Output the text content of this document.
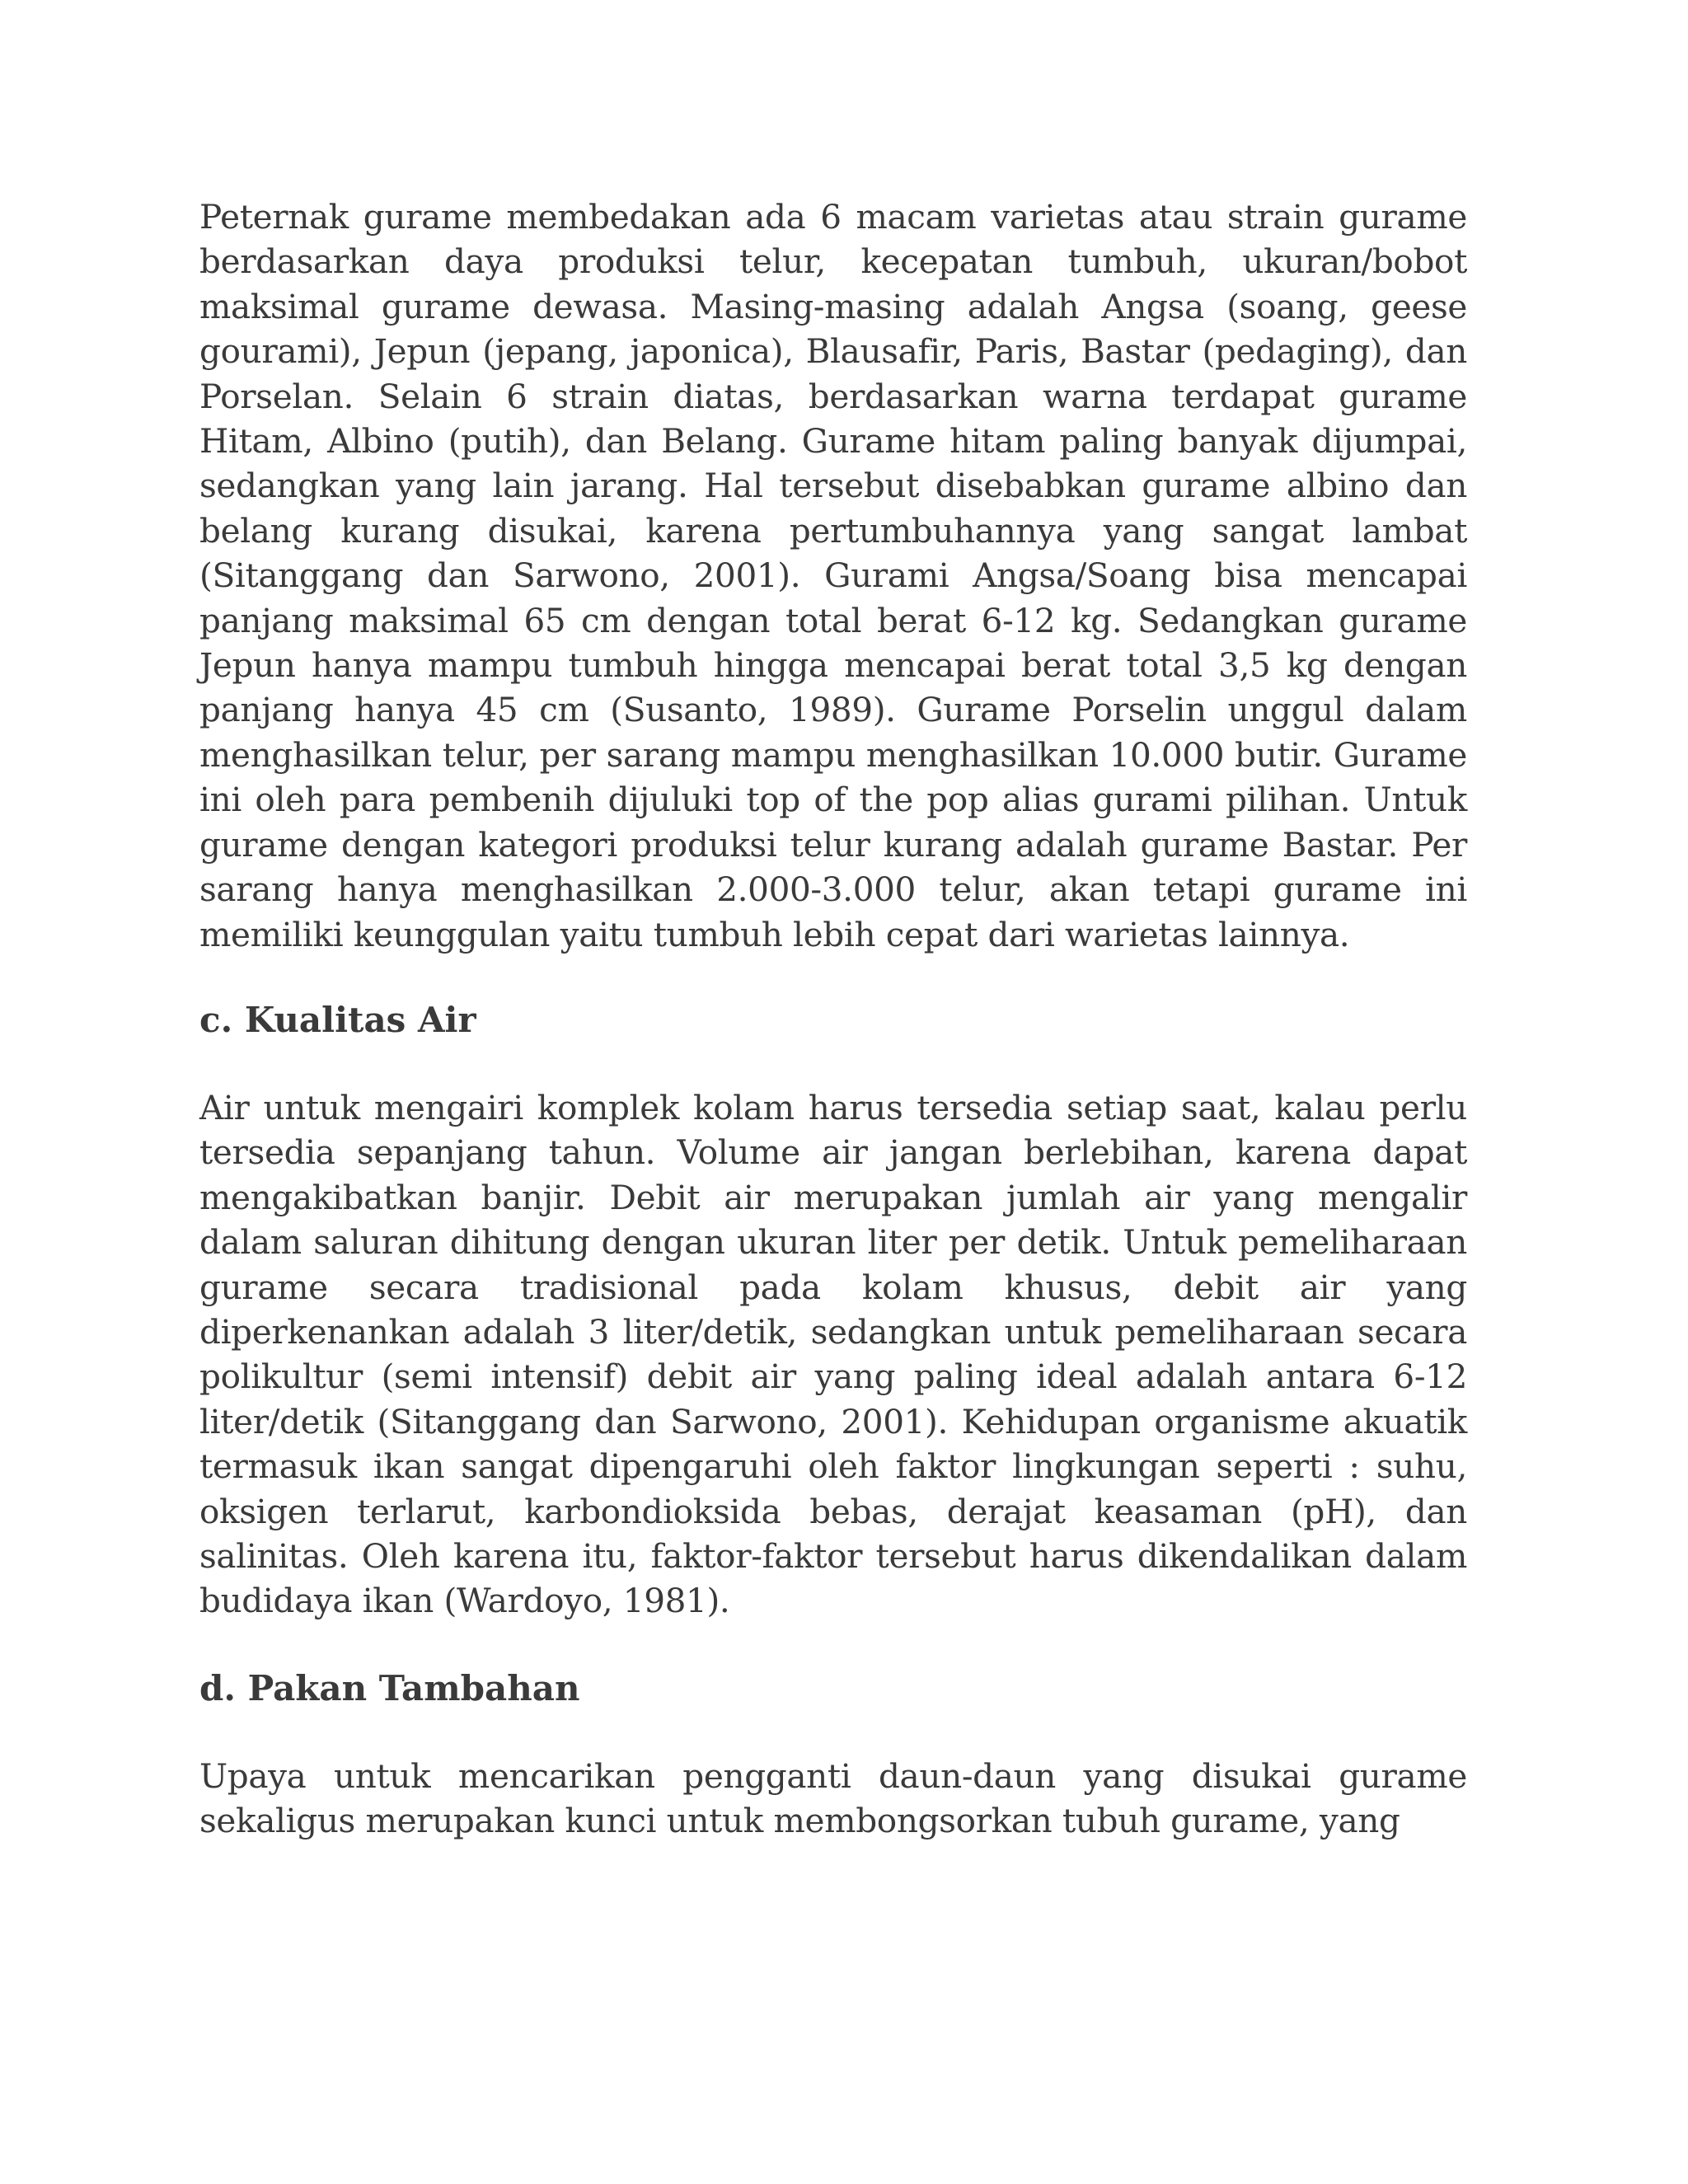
Peternak gurame membedakan ada 6 macam varietas atau strain gurame berdasarkan daya produksi telur, kecepatan tumbuh, ukuran/bobot maksimal gurame dewasa. Masing-masing adalah Angsa (soang, geese gourami), Jepun (jepang, japonica), Blausafir, Paris, Bastar (pedaging), dan Porselan. Selain 6 strain diatas, berdasarkan warna terdapat gurame Hitam, Albino (putih), dan Belang. Gurame hitam paling banyak dijumpai, sedangkan yang lain jarang. Hal tersebut disebabkan gurame albino dan belang kurang disukai, karena pertumbuhannya yang sangat lambat (Sitanggang dan Sarwono, 2001). Gurami Angsa/Soang bisa mencapai panjang maksimal 65 cm dengan total berat 6-12 kg. Sedangkan gurame Jepun hanya mampu tumbuh hingga mencapai berat total 3,5 kg dengan panjang hanya 45 cm (Susanto, 1989). Gurame Porselin unggul dalam menghasilkan telur, per sarang mampu menghasilkan 10.000 butir. Gurame ini oleh para pembenih dijuluki top of the pop alias gurami pilihan. Untuk gurame dengan kategori produksi telur kurang adalah gurame Bastar. Per sarang hanya menghasilkan 2.000-3.000 telur, akan tetapi gurame ini memiliki keunggulan yaitu tumbuh lebih cepat dari warietas lainnya.

c. Kualitas Air

Air untuk mengairi komplek kolam harus tersedia setiap saat, kalau perlu tersedia sepanjang tahun. Volume air jangan berlebihan, karena dapat mengakibatkan banjir. Debit air merupakan jumlah air yang mengalir dalam saluran dihitung dengan ukuran liter per detik. Untuk pemeliharaan gurame secara tradisional pada kolam khusus, debit air yang diperkenankan adalah 3 liter/detik, sedangkan untuk pemeliharaan secara polikultur (semi intensif) debit air yang paling ideal adalah antara 6-12 liter/detik (Sitanggang dan Sarwono, 2001). Kehidupan organisme akuatik termasuk ikan sangat dipengaruhi oleh faktor lingkungan seperti : suhu, oksigen terlarut, karbondioksida bebas, derajat keasaman (pH), dan salinitas. Oleh karena itu, faktor-faktor tersebut harus dikendalikan dalam budidaya ikan (Wardoyo, 1981).

d. Pakan Tambahan

Upaya untuk mencarikan pengganti daun-daun yang disukai gurame sekaligus merupakan kunci untuk membongsorkan tubuh gurame, yang
